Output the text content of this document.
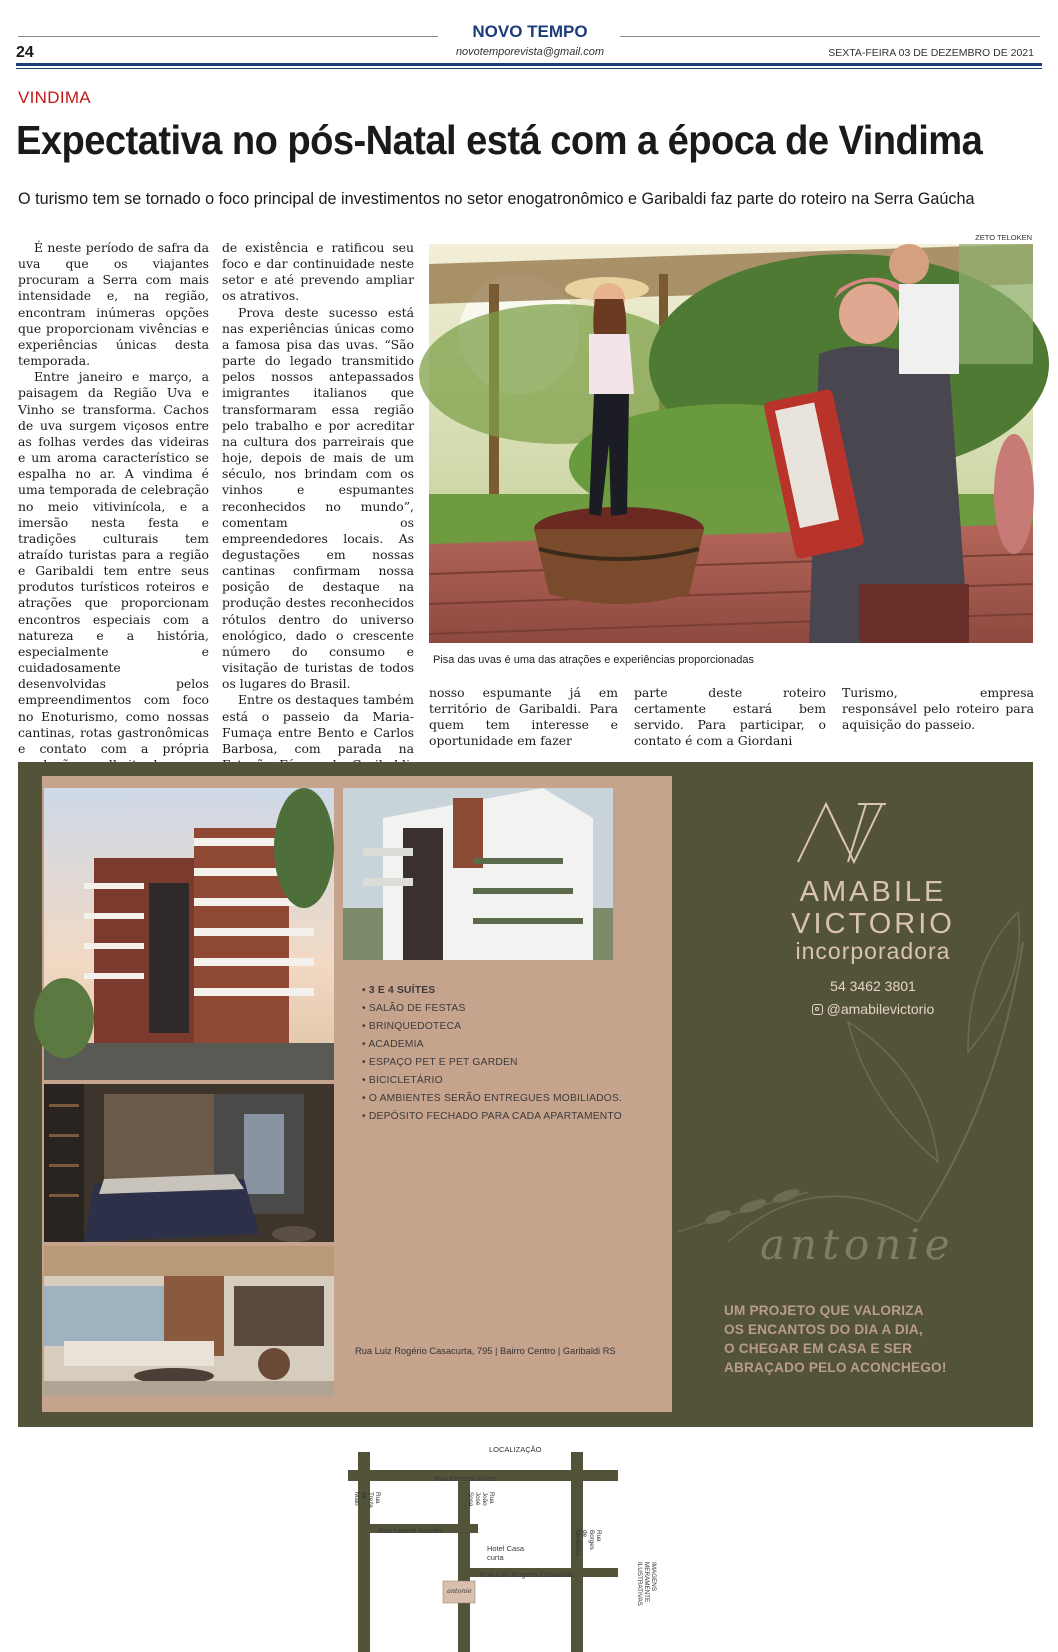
NOVO TEMPO
24	novotemporevista@gmail.com	SEXTA-FEIRA 03 DE DEZEMBRO DE 2021
VINDIMA
Expectativa no pós-Natal está com a época de Vindima
O turismo tem se tornado o foco principal de investimentos no setor enogatronômico e Garibaldi faz parte do roteiro na Serra Gaúcha

É neste período de safra da uva que os viajantes procuram a Serra com mais intensidade e, na região, encontram inúmeras opções que proporcionam vivências e experiências únicas desta temporada.

Entre janeiro e março, a paisagem da Região Uva e Vinho se transforma. Cachos de uva surgem viçosos entre as folhas verdes das videiras e um aroma característico se espalha no ar. A vindima é uma temporada de celebração no meio vitivinícola, e a imersão nesta festa e tradições culturais tem atraído turistas para a região e Garibaldi tem entre seus produtos turísticos roteiros e atrações que proporcionam encontros especiais com a natureza e a história, especialmente e cuidadosamente desenvolvidas pelos empreendimentos com foco no Enoturismo, como nossas cantinas, rotas gastronômicas e contato com a própria

de existência e ratificou seu foco e dar continuidade neste setor e até prevendo ampliar os atrativos.

Prova deste sucesso está nas experiências únicas como a famosa pisa das uvas. “São parte do legado transmitido pelos nossos antepassados imigrantes italianos que transformaram essa região pelo trabalho e por acreditar na cultura dos parreirais que hoje, depois de mais de um século, nos brindam com os vinhos e espumantes reconhecidos no mundo”, comentam os empreendedores locais. As degustações em nossas cantinas confirmam nossa posição de destaque na produção destes reconhecidos rótulos dentro do universo enológico, dado o crescente número do consumo e visitação de turistas de todos os lugares do Brasil.

Entre os destaques também está o passeio da Maria-Fumaça entre Bento e Carlos Barbosa, com parada na

nosso espumante já em território de Garibaldi. Para quem tem interesse e oportunidade em fazer

parte deste roteiro certamente estará bem servido. Para participar, o contato é com a Giordani

Turismo, empresa responsável pelo roteiro para aquisição do passeio.

ZETO TELOKEN
Pisa das uvas é uma das atrações e experiências proporcionadas
• 3 E 4 SUÍTES
• SALÃO DE FESTAS
• BRINQUEDOTECA
• ACADEMIA
• ESPAÇO PET E PET GARDEN
• BICICLETÁRIO
• O AMBIENTES SERÃO ENTREGUES MOBILIADOS.
• DEPÓSITO FECHADO PARA CADA APARTAMENTO
LOCALIZAÇÃO
Rua Ernesto Alves
Rua Leonel Nicolini
Rua Luiz Rogério Casacurta
Rua Treze de Maio	Rua João José Sosa
Rua Borges de Medeiros
Hotel Casa curta
antonie	IMAGENS MERAMENTE ILUSTRATIVAS
AMABILE
VICTORIO
incorporadora
54 3462 3801
@amabilevictorio
antonie
UM PROJETO QUE VALORIZA
OS ENCANTOS DO DIA A DIA,
O CHEGAR EM CASA E SER
ABRAÇADO PELO ACONCHEGO!
Rua Luiz Rogério Casacurta, 795 | Bairro Centro | Garibaldi RS
